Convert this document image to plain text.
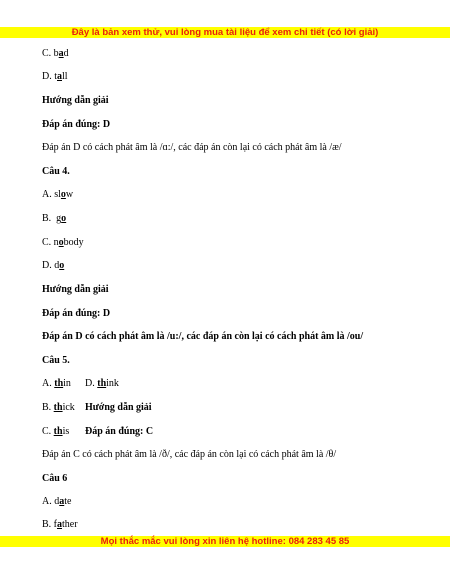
Đây là bản xem thử, vui lòng mua tài liệu để xem chi tiết (có lời giải)
C. bad
D. tall
Hướng dẫn giải
Đáp án đúng: D
Đáp án D có cách phát âm là /ɑ:/, các đáp án còn lại có cách phát âm là /æ/
Câu 4.
A. slow
B.  go
C. nobody
D. do
Hướng dẫn giải
Đáp án đúng: D
Đáp án D có cách phát âm là /u:/, các đáp án còn lại có cách phát âm là /ou/
Câu 5.
A. thin D. think
B. thick Hướng dẫn giải
C. this Đáp án đúng: C
Đáp án C có cách phát âm là /ð/, các đáp án còn lại có cách phát âm là /θ/
Câu 6
A. date
B. father
Mọi thắc mắc vui lòng xin liên hệ hotline: 084 283 45 85
